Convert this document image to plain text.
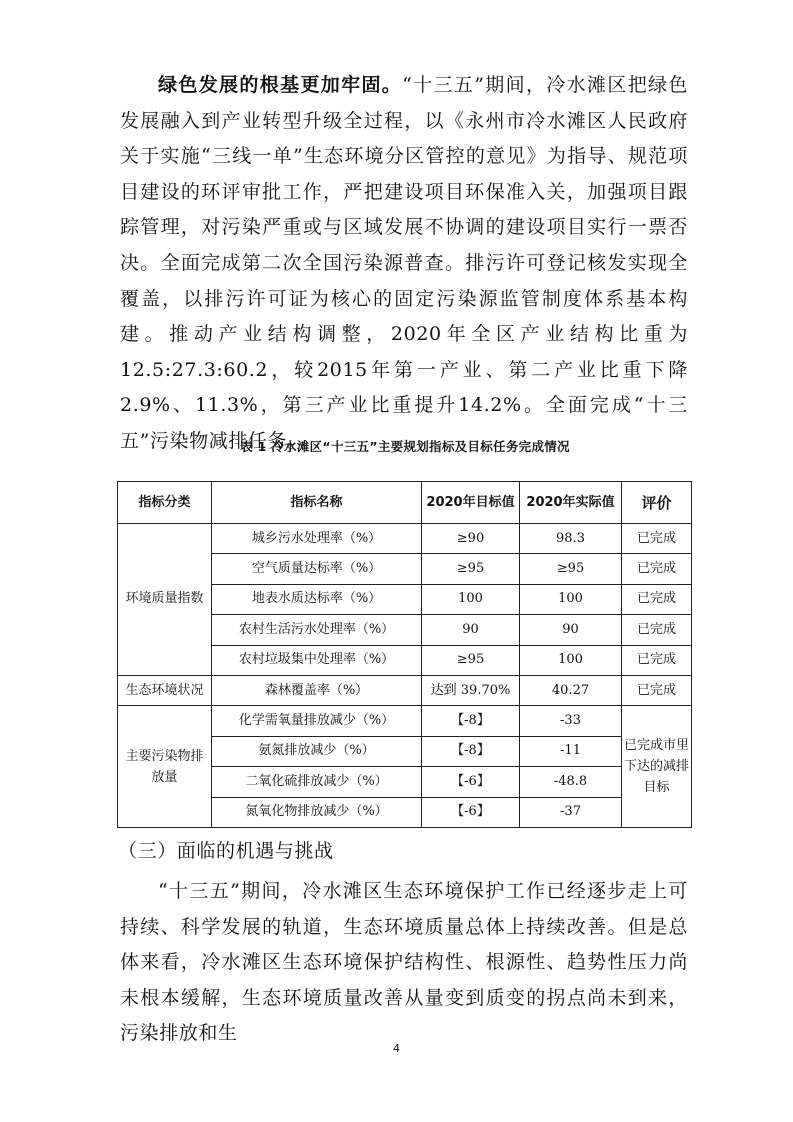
绿色发展的根基更加牢固。“十三五”期间，冷水滩区把绿色发展融入到产业转型升级全过程，以《永州市冷水滩区人民政府关于实施“三线一单”生态环境分区管控的意见》为指导、规范项目建设的环评审批工作，严把建设项目环保准入关，加强项目跟踪管理，对污染严重或与区域发展不协调的建设项目实行一票否决。全面完成第二次全国污染源普查。排污许可登记核发实现全覆盖，以排污许可证为核心的固定污染源监管制度体系基本构建。推动产业结构调整，2020年全区产业结构比重为12.5:27.3:60.2，较2015年第一产业、第二产业比重下降2.9%、11.3%，第三产业比重提升14.2%。全面完成“十三五”污染物减排任务。

表 1 冷水滩区“十三五”主要规划指标及目标任务完成情况
指标分类	指标名称	2020年目标值	2020年实际值	评价
环境质量指数	城乡污水处理率（%）	≥90	98.3	已完成
	空气质量达标率（%）	≥95	≥95	已完成
	地表水质达标率（%）	100	100	已完成
	农村生活污水处理率（%）	90	90	已完成
	农村垃圾集中处理率（%）	≥95	100	已完成
生态环境状况	森林覆盖率（%）	达到 39.70%	40.27	已完成
主要污染物排放量	化学需氧量排放减少（%）	【-8】	-33	已完成市里下达的减排目标
	氨氮排放减少（%）	【-8】	-11	
	二氧化硫排放减少（%）	【-6】	-48.8	
	氮氧化物排放减少（%）	【-6】	-37	

（三）面临的机遇与挑战

“十三五”期间，冷水滩区生态环境保护工作已经逐步走上可持续、科学发展的轨道，生态环境质量总体上持续改善。但是总体来看，冷水滩区生态环境保护结构性、根源性、趋势性压力尚未根本缓解，生态环境质量改善从量变到质变的拐点尚未到来，污染排放和生

4
